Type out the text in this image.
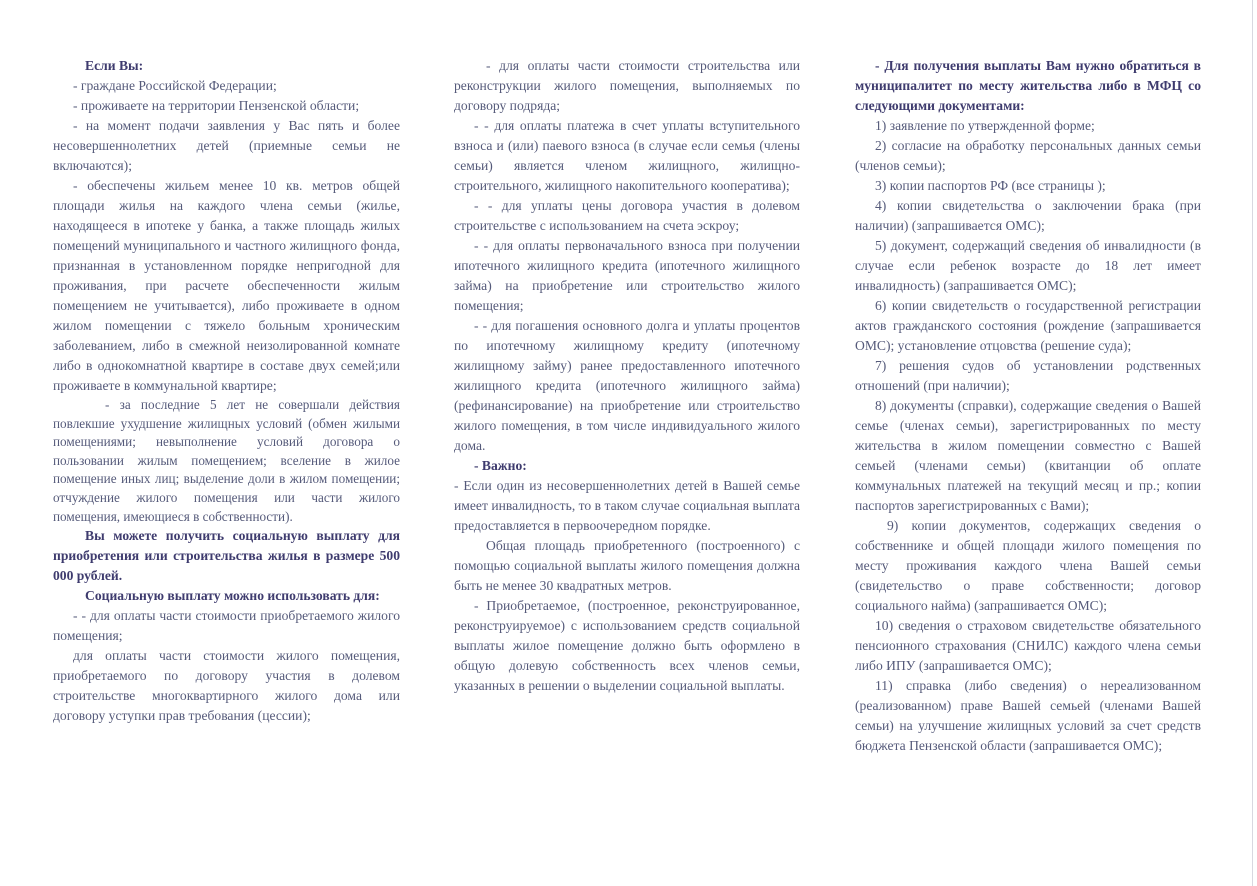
Если Вы:

- граждане Российской Федерации;

- проживаете на территории Пензенской области;

- на момент подачи заявления у Вас пять и более несовершеннолетних детей (приемные семьи не включаются);

- обеспечены жильем менее 10 кв. метров общей площади жилья на каждого члена семьи (жилье, находящееся в ипотеке у банка, а также площадь жилых помещений муниципального и частного жилищного фонда, признанная в установленном порядке непригодной для проживания, при расчете обеспеченности жилым помещением не учитывается), либо проживаете в одном жилом помещении с тяжело больным хроническим заболеванием, либо в смежной неизолированной комнате либо в однокомнатной квартире в составе двух семей;или проживаете в коммунальной квартире;

- за последние 5 лет не совершали действия повлекшие ухудшение жилищных условий (обмен жилыми помещениями; невыполнение условий договора о пользовании жилым помещением; вселение в жилое помещение иных лиц; выделение доли в жилом помещении; отчуждение жилого помещения или части жилого помещения, имеющиеся в собственности).

Вы можете получить социальную выплату для приобретения или строительства жилья в размере 500 000 рублей.

Социальную выплату можно использовать для:

- - для оплаты части стоимости приобретаемого жилого помещения;

для оплаты части стоимости жилого помещения, приобретаемого по договору участия в долевом строительстве многоквартирного жилого дома или договору уступки прав требования (цессии);

- для оплаты части стоимости строительства или реконструкции жилого помещения, выполняемых по договору подряда;

- - для оплаты платежа в счет уплаты вступительного взноса и (или) паевого взноса (в случае если семья (члены семьи) является членом жилищного, жилищно-строительного, жилищного накопительного кооператива);

- - для уплаты цены договора участия в долевом строительстве с использованием на счета эскроу;

- - для оплаты первоначального взноса при получении ипотечного жилищного кредита (ипотечного жилищного займа) на приобретение или строительство жилого помещения;

- - для погашения основного долга и уплаты процентов по ипотечному жилищному кредиту (ипотечному жилищному займу) ранее предоставленного ипотечного жилищного кредита (ипотечного жилищного займа) (рефинансирование) на приобретение или строительство жилого помещения, в том числе индивидуального жилого дома.

- Важно:

- Если один из несовершеннолетних детей в Вашей семье имеет инвалидность, то в таком случае социальная выплата предоставляется в первоочередном порядке.

Общая площадь приобретенного (построенного) с помощью социальной выплаты жилого помещения должна быть не менее 30 квадратных метров.

- Приобретаемое, (построенное, реконструированное, реконструируемое) с использованием средств социальной выплаты жилое помещение должно быть оформлено в общую долевую собственность всех членов семьи, указанных в решении о выделении социальной выплаты.

- Для получения выплаты Вам нужно обратиться в муниципалитет по месту жительства либо в МФЦ со следующими документами:

1) заявление по утвержденной форме;

2) согласие на обработку персональных данных семьи (членов семьи);

3) копии паспортов РФ (все страницы );

4) копии свидетельства о заключении брака (при наличии) (запрашивается ОМС);

5) документ, содержащий сведения об инвалидности (в случае если ребенок возрасте до 18 лет имеет инвалидность) (запрашивается ОМС);

6) копии свидетельств о государственной регистрации актов гражданского состояния (рождение (запрашивается ОМС); установление отцовства (решение суда);

7) решения судов об установлении родственных отношений (при наличии);

8) документы (справки), содержащие сведения о Вашей семье (членах семьи), зарегистрированных по месту жительства в жилом помещении совместно с Вашей семьей (членами семьи) (квитанции об оплате коммунальных платежей на текущий месяц и пр.; копии паспортов зарегистрированных с Вами);

9) копии документов, содержащих сведения о собственнике и общей площади жилого помещения по месту проживания каждого члена Вашей семьи (свидетельство о праве собственности; договор социального найма) (запрашивается ОМС);

10) сведения о страховом свидетельстве обязательного пенсионного страхования (СНИЛС) каждого члена семьи либо ИПУ (запрашивается ОМС);

11) справка (либо сведения) о нереализованном (реализованном) праве Вашей семьей (членами Вашей семьи) на улучшение жилищных условий за счет средств бюджета Пензенской области (запрашивается ОМС);
